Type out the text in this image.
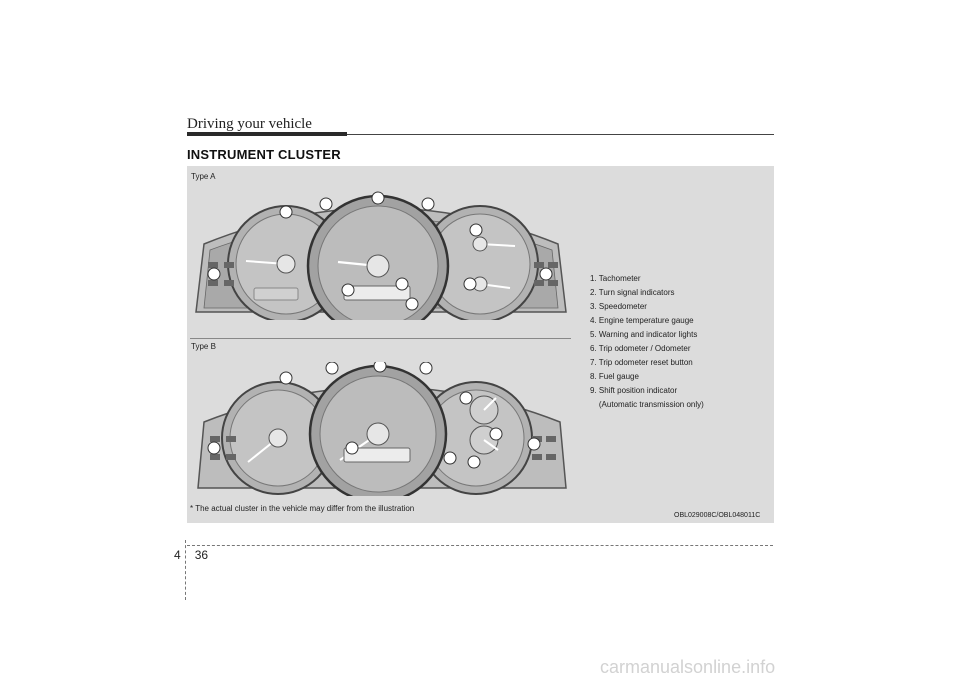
Driving your vehicle
INSTRUMENT CLUSTER
Type A
Type B
1. Tachometer
2. Turn signal indicators
3. Speedometer
4. Engine temperature gauge
5. Warning and indicator lights
6. Trip odometer / Odometer
7. Trip odometer reset button
8. Fuel gauge
9. Shift position indicator
(Automatic transmission only)
* The actual cluster in the vehicle may differ from the illustration
OBL029008C/OBL048011C
4 36
carmanualsonline.info
